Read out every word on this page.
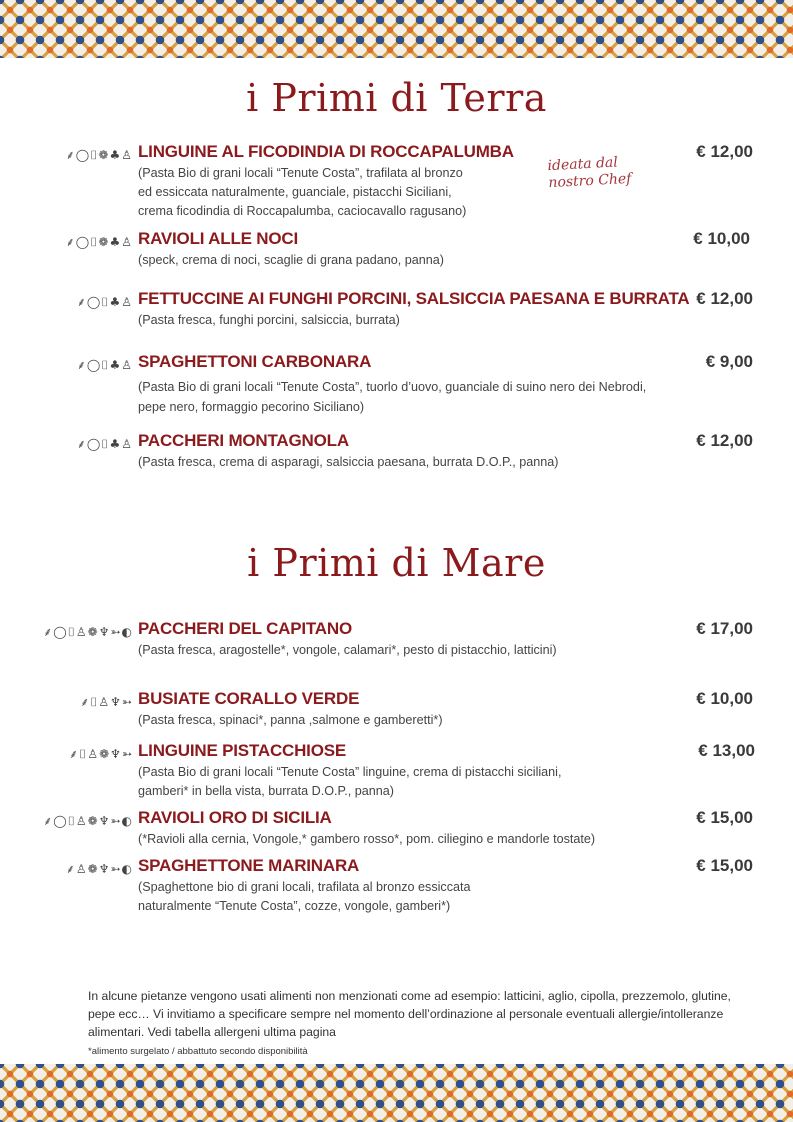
i Primi di Terra
ideata dal
nostro Chef
⸙◯⌷❁♣♙ LINGUINE AL FICODINDIA DI ROCCAPALUMBA	€ 12,00
(Pasta Bio di grani locali “Tenute Costa”, trafilata al bronzo
ed essiccata naturalmente, guanciale, pistacchi Siciliani,
crema ficodindia di Roccapalumba, caciocavallo ragusano)
⸙◯⌷❁♣♙ RAVIOLI ALLE NOCI	€ 10,00
(speck, crema di noci, scaglie di grana padano, panna)
⸙◯⌷♣♙ FETTUCCINE AI FUNGHI PORCINI, SALSICCIA PAESANA E BURRATA € 12,00
(Pasta fresca, funghi porcini, salsiccia, burrata)
⸙◯⌷♣♙ SPAGHETTONI CARBONARA	€ 9,00
(Pasta Bio di grani locali “Tenute Costa”, tuorlo d’uovo, guanciale di suino nero dei Nebrodi,
pepe nero, formaggio pecorino Siciliano)
⸙◯⌷♣♙ PACCHERI MONTAGNOLA	€ 12,00
(Pasta fresca, crema di asparagi, salsiccia paesana, burrata D.O.P., panna)
i Primi di Mare
⸙◯⌷♙❁♆➳◐ PACCHERI DEL CAPITANO	€ 17,00
(Pasta fresca, aragostelle*, vongole, calamari*, pesto di pistacchio, latticini)
⸙⌷♙♆➳ BUSIATE CORALLO VERDE	€ 10,00
(Pasta fresca, spinaci*, panna ,salmone e gamberetti*)
⸙⌷♙❁♆➳ LINGUINE PISTACCHIOSE	€ 13,00
(Pasta Bio di grani locali “Tenute Costa” linguine, crema di pistacchi siciliani,
gamberi* in bella vista, burrata D.O.P., panna)
⸙◯⌷♙❁♆➳◐ RAVIOLI ORO DI SICILIA	€ 15,00
(*Ravioli alla cernia, Vongole,* gambero rosso*, pom. ciliegino e mandorle tostate)
⸙♙❁♆➳◐ SPAGHETTONE MARINARA	€ 15,00
(Spaghettone bio di grani locali, trafilata al bronzo essiccata
naturalmente “Tenute Costa”, cozze, vongole, gamberi*)
In alcune pietanze vengono usati alimenti non menzionati come ad esempio: latticini, aglio, cipolla, prezzemolo, glutine, pepe ecc… Vi invitiamo a specificare sempre nel momento dell’ordinazione al personale eventuali allergie/intolleranze alimentari. Vedi tabella allergeni ultima pagina
*alimento surgelato / abbattuto secondo disponibilità
